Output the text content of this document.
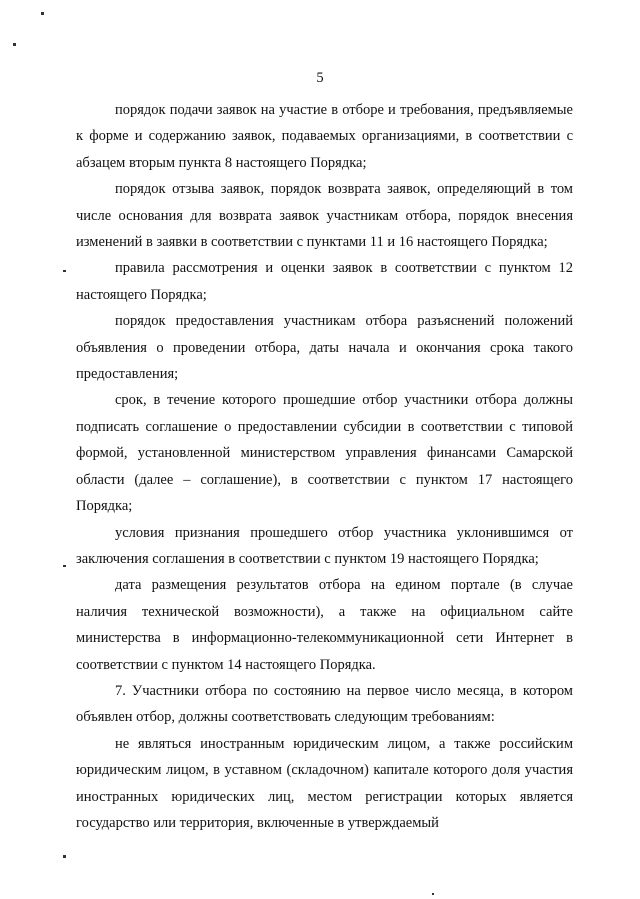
5

порядок подачи заявок на участие в отборе и требования, предъявляемые к форме и содержанию заявок, подаваемых организациями, в соответствии с абзацем вторым пункта 8 настоящего Порядка;

порядок отзыва заявок, порядок возврата заявок, определяющий в том числе основания для возврата заявок участникам отбора, порядок внесения изменений в заявки в соответствии с пунктами 11 и 16 настоящего Порядка;

правила рассмотрения и оценки заявок в соответствии с пунктом 12 настоящего Порядка;

порядок предоставления участникам отбора разъяснений положений объявления о проведении отбора, даты начала и окончания срока такого предоставления;

срок, в течение которого прошедшие отбор участники отбора должны подписать соглашение о предоставлении субсидии в соответствии с типовой формой, установленной министерством управления финансами Самарской области (далее – соглашение), в соответствии с пунктом 17 настоящего Порядка;

условия признания прошедшего отбор участника уклонившимся от заключения соглашения в соответствии с пунктом 19 настоящего Порядка;

дата размещения результатов отбора на едином портале (в случае наличия технической возможности), а также на официальном сайте министерства в информационно-телекоммуникационной сети Интернет в соответствии с пунктом 14 настоящего Порядка.

7. Участники отбора по состоянию на первое число месяца, в котором объявлен отбор, должны соответствовать следующим требованиям:

не являться иностранным юридическим лицом, а также российским юридическим лицом, в уставном (складочном) капитале которого доля участия иностранных юридических лиц, местом регистрации которых является государство или территория, включенные в утверждаемый
